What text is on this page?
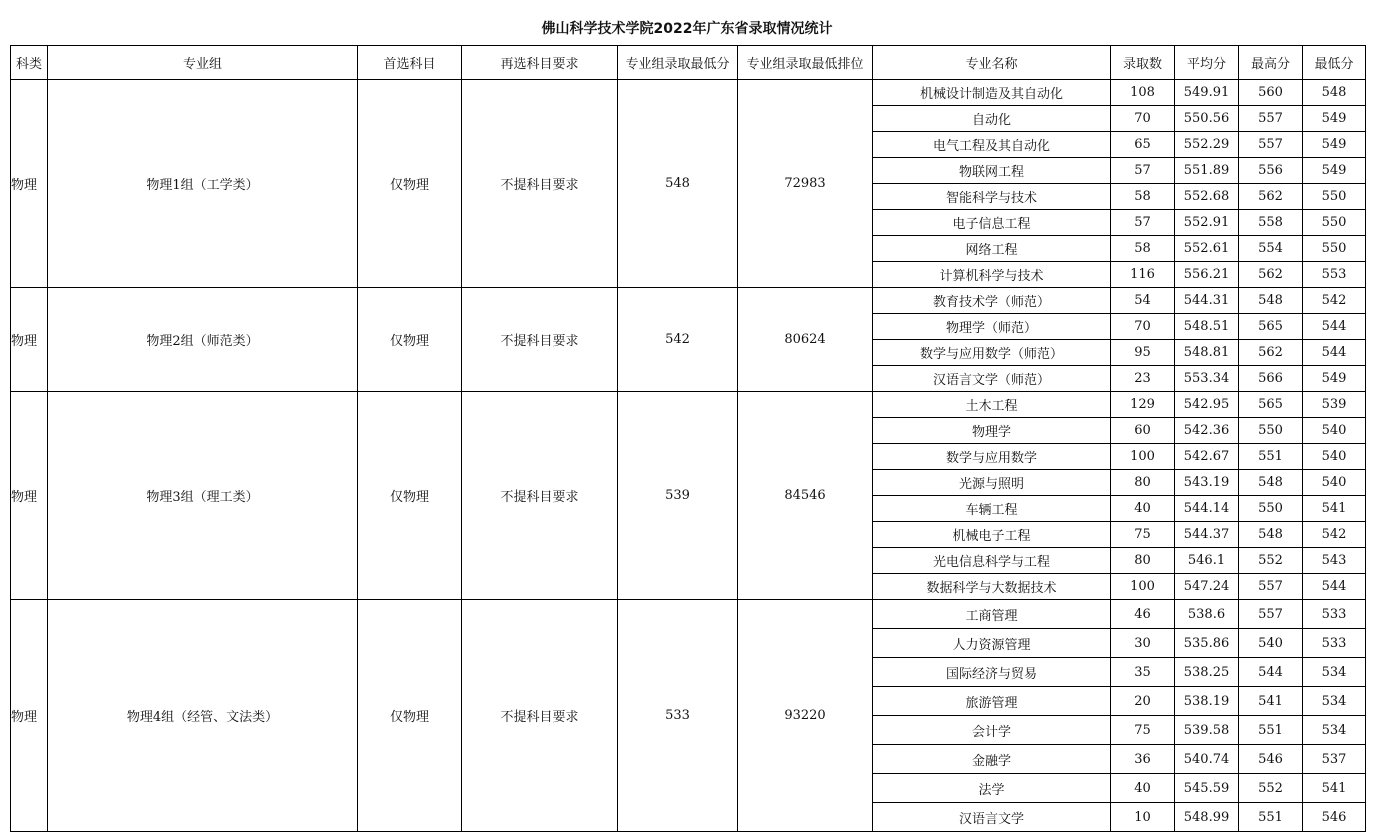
佛山科学技术学院2022年广东省录取情况统计
科类	专业组	首选科目	再选科目要求	专业组录取最低分	专业组录取最低排位	专业名称	录取数	平均分	最高分	最低分
物理	物理1组（工学类）	仅物理	不提科目要求	548	72983	机械设计制造及其自动化	108	549.91	560	548
						自动化	70	550.56	557	549
						电气工程及其自动化	65	552.29	557	549
						物联网工程	57	551.89	556	549
						智能科学与技术	58	552.68	562	550
						电子信息工程	57	552.91	558	550
						网络工程	58	552.61	554	550
						计算机科学与技术	116	556.21	562	553
物理	物理2组（师范类）	仅物理	不提科目要求	542	80624	教育技术学（师范）	54	544.31	548	542
						物理学（师范）	70	548.51	565	544
						数学与应用数学（师范）	95	548.81	562	544
						汉语言文学（师范）	23	553.34	566	549
物理	物理3组（理工类）	仅物理	不提科目要求	539	84546	土木工程	129	542.95	565	539
						物理学	60	542.36	550	540
						数学与应用数学	100	542.67	551	540
						光源与照明	80	543.19	548	540
						车辆工程	40	544.14	550	541
						机械电子工程	75	544.37	548	542
						光电信息科学与工程	80	546.1	552	543
						数据科学与大数据技术	100	547.24	557	544
物理	物理4组（经管、文法类）	仅物理	不提科目要求	533	93220	工商管理	46	538.6	557	533
						人力资源管理	30	535.86	540	533
						国际经济与贸易	35	538.25	544	534
						旅游管理	20	538.19	541	534
						会计学	75	539.58	551	534
						金融学	36	540.74	546	537
						法学	40	545.59	552	541
						汉语言文学	10	548.99	551	546
